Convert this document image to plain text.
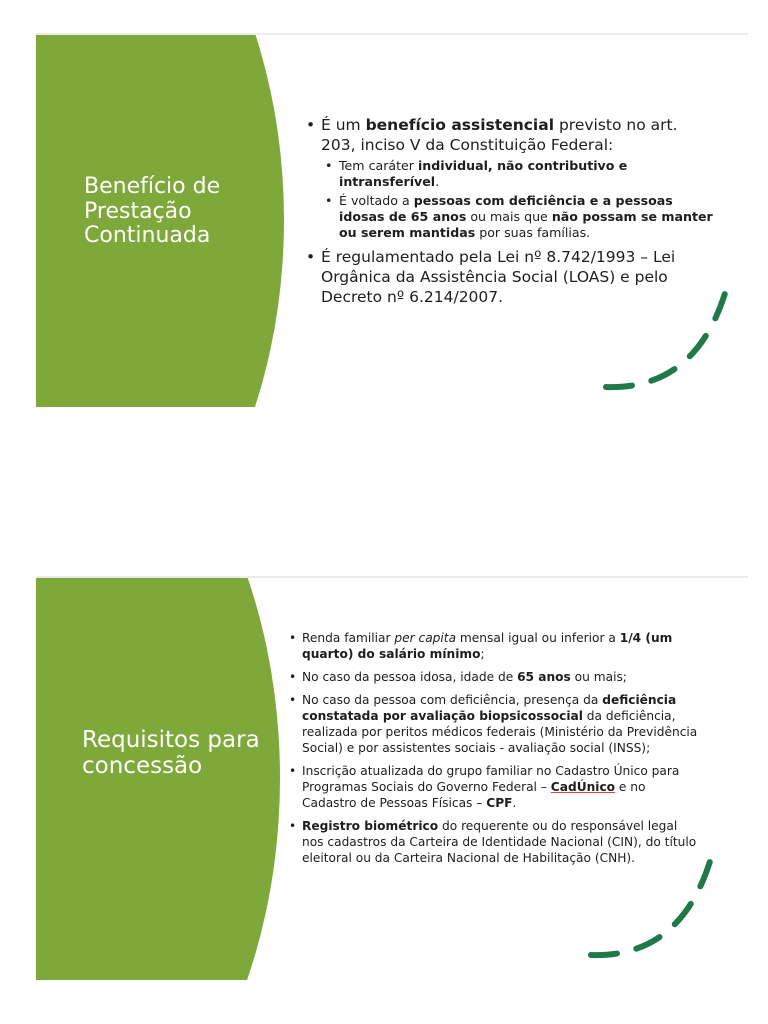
Benefício de Prestação Continuada
• É um benefício assistencial previsto no art. 203, inciso V da Constituição Federal:
• Tem caráter individual, não contributivo e intransferível.
• É voltado a pessoas com deficiência e a pessoas idosas de 65 anos ou mais que não possam se manter ou serem mantidas por suas famílias.
• É regulamentado pela Lei nº 8.742/1993 – Lei Orgânica da Assistência Social (LOAS) e pelo Decreto nº 6.214/2007.
Requisitos para concessão
• Renda familiar per capita mensal igual ou inferior a 1/4 (um quarto) do salário mínimo;
• No caso da pessoa idosa, idade de 65 anos ou mais;
• No caso da pessoa com deficiência, presença da deficiência constatada por avaliação biopsicossocial da deficiência, realizada por peritos médicos federais (Ministério da Previdência Social) e por assistentes sociais - avaliação social (INSS);
• Inscrição atualizada do grupo familiar no Cadastro Único para Programas Sociais do Governo Federal – CadÚnico e no Cadastro de Pessoas Físicas – CPF.
• Registro biométrico do requerente ou do responsável legal nos cadastros da Carteira de Identidade Nacional (CIN), do título eleitoral ou da Carteira Nacional de Habilitação (CNH).
